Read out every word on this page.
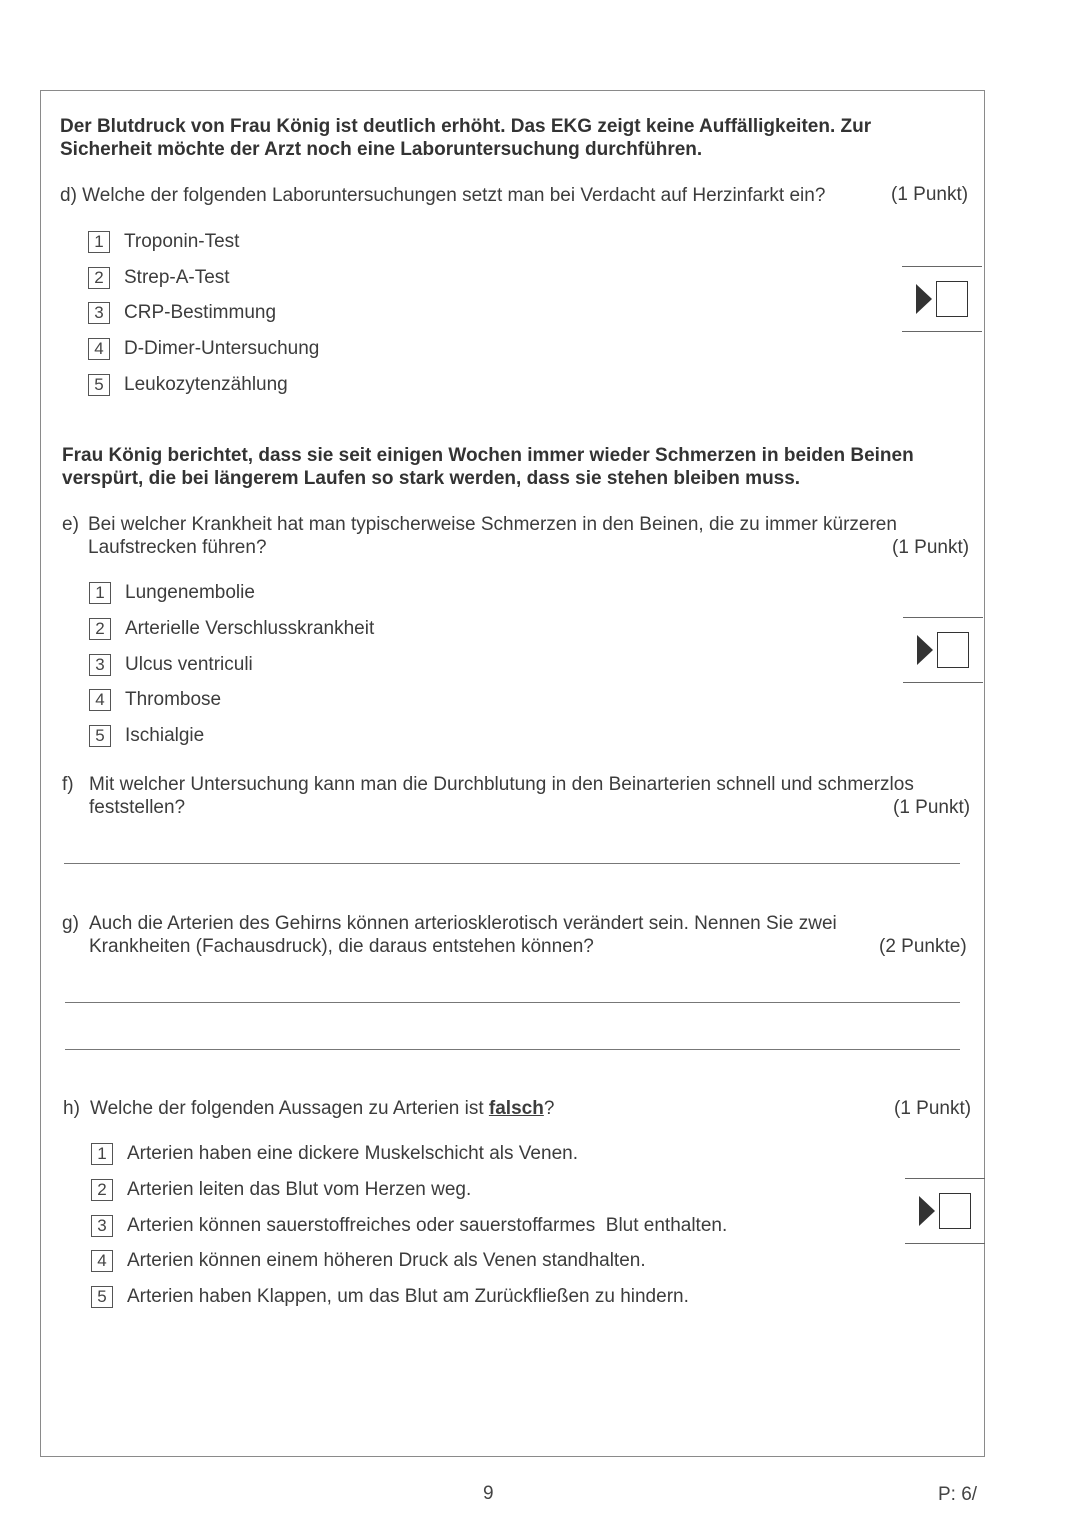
Der Blutdruck von Frau König ist deutlich erhöht. Das EKG zeigt keine Auffälligkeiten. Zur Sicherheit möchte der Arzt noch eine Laboruntersuchung durchführen.
d) Welche der folgenden Laboruntersuchungen setzt man bei Verdacht auf Herzinfarkt ein?	(1 Punkt)
1	Troponin-Test
2	Strep-A-Test
3	CRP-Bestimmung
4	D-Dimer-Untersuchung
5	Leukozytenzählung
Frau König berichtet, dass sie seit einigen Wochen immer wieder Schmerzen in beiden Beinen verspürt, die bei längerem Laufen so stark werden, dass sie stehen bleiben muss.
e) Bei welcher Krankheit hat man typischerweise Schmerzen in den Beinen, die zu immer kürzeren
Laufstrecken führen?	(1 Punkt)
1	Lungenembolie
2	Arterielle Verschlusskrankheit
3	Ulcus ventriculi
4	Thrombose
5	Ischialgie
f) Mit welcher Untersuchung kann man die Durchblutung in den Beinarterien schnell und schmerzlos
feststellen?	(1 Punkt)
g) Auch die Arterien des Gehirns können arteriosklerotisch verändert sein. Nennen Sie zwei
Krankheiten (Fachausdruck), die daraus entstehen können?	(2 Punkte)
h) Welche der folgenden Aussagen zu Arterien ist falsch?	(1 Punkt)
1	Arterien haben eine dickere Muskelschicht als Venen.
2	Arterien leiten das Blut vom Herzen weg.
3	Arterien können sauerstoffreiches oder sauerstoffarmes  Blut enthalten.
4	Arterien können einem höheren Druck als Venen standhalten.
5	Arterien haben Klappen, um das Blut am Zurückfließen zu hindern.
9	P: 6/
